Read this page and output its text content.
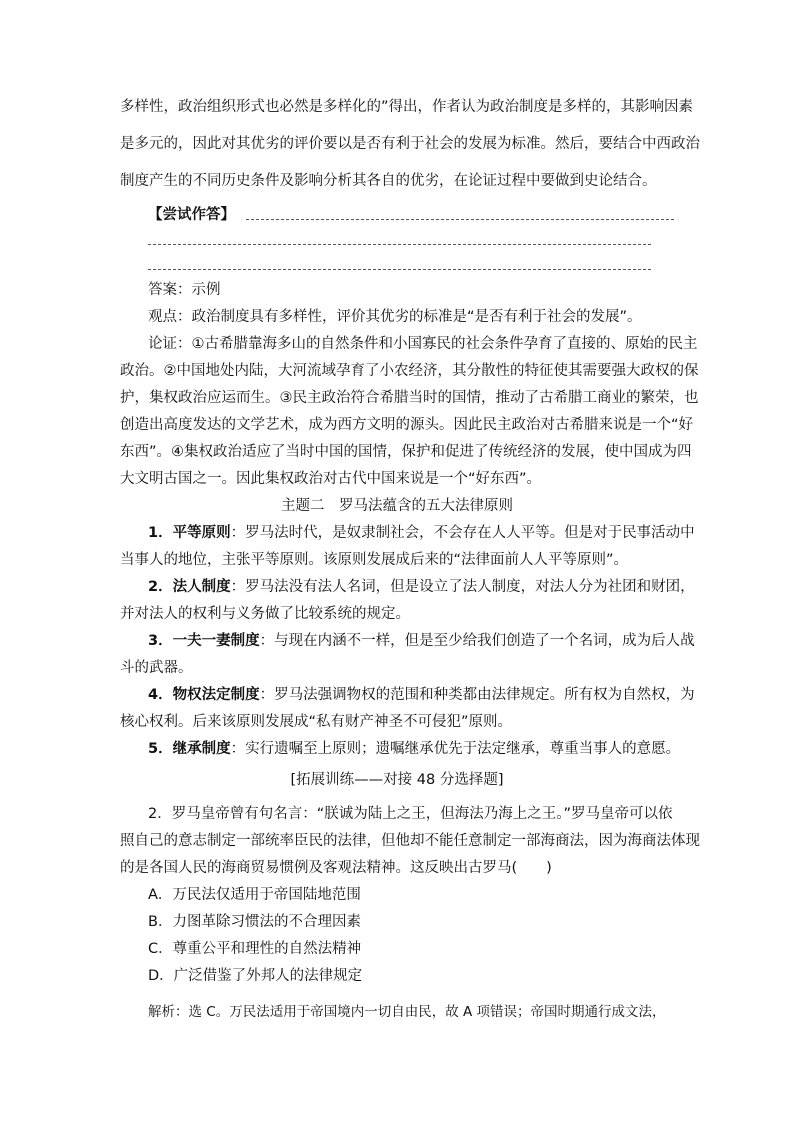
多样性，政治组织形式也必然是多样化的”得出，作者认为政治制度是多样的，其影响因素
是多元的，因此对其优劣的评价要以是否有利于社会的发展为标准。然后，要结合中西政治
制度产生的不同历史条件及影响分析其各自的优劣，在论证过程中要做到史论结合。
【尝试作答】
答案：示例
观点：政治制度具有多样性，评价其优劣的标准是“是否有利于社会的发展”。
论证：①古希腊靠海多山的自然条件和小国寡民的社会条件孕育了直接的、原始的民主
政治。②中国地处内陆，大河流域孕育了小农经济，其分散性的特征使其需要强大政权的保
护，集权政治应运而生。③民主政治符合希腊当时的国情，推动了古希腊工商业的繁荣，也
创造出高度发达的文学艺术，成为西方文明的源头。因此民主政治对古希腊来说是一个“好
东西”。④集权政治适应了当时中国的国情，保护和促进了传统经济的发展，使中国成为四
大文明古国之一。因此集权政治对古代中国来说是一个“好东西”。
主题二　罗马法蕴含的五大法律原则
1．平等原则：罗马法时代，是奴隶制社会，不会存在人人平等。但是对于民事活动中
当事人的地位，主张平等原则。该原则发展成后来的“法律面前人人平等原则”。
2．法人制度：罗马法没有法人名词，但是设立了法人制度，对法人分为社团和财团，
并对法人的权利与义务做了比较系统的规定。
3．一夫一妻制度：与现在内涵不一样，但是至少给我们创造了一个名词，成为后人战
斗的武器。
4．物权法定制度：罗马法强调物权的范围和种类都由法律规定。所有权为自然权，为
核心权利。后来该原则发展成“私有财产神圣不可侵犯”原则。
5．继承制度：实行遗嘱至上原则；遗嘱继承优先于法定继承，尊重当事人的意愿。
[拓展训练——对接 48 分选择题]
2．罗马皇帝曾有句名言：“朕诚为陆上之王，但海法乃海上之王。”罗马皇帝可以依
照自己的意志制定一部统率臣民的法律，但他却不能任意制定一部海商法，因为海商法体现
的是各国人民的海商贸易惯例及客观法精神。这反映出古罗马(　　)
A．万民法仅适用于帝国陆地范围
B．力图革除习惯法的不合理因素
C．尊重公平和理性的自然法精神
D．广泛借鉴了外邦人的法律规定
解析：选 C。万民法适用于帝国境内一切自由民，故 A 项错误；帝国时期通行成文法，
